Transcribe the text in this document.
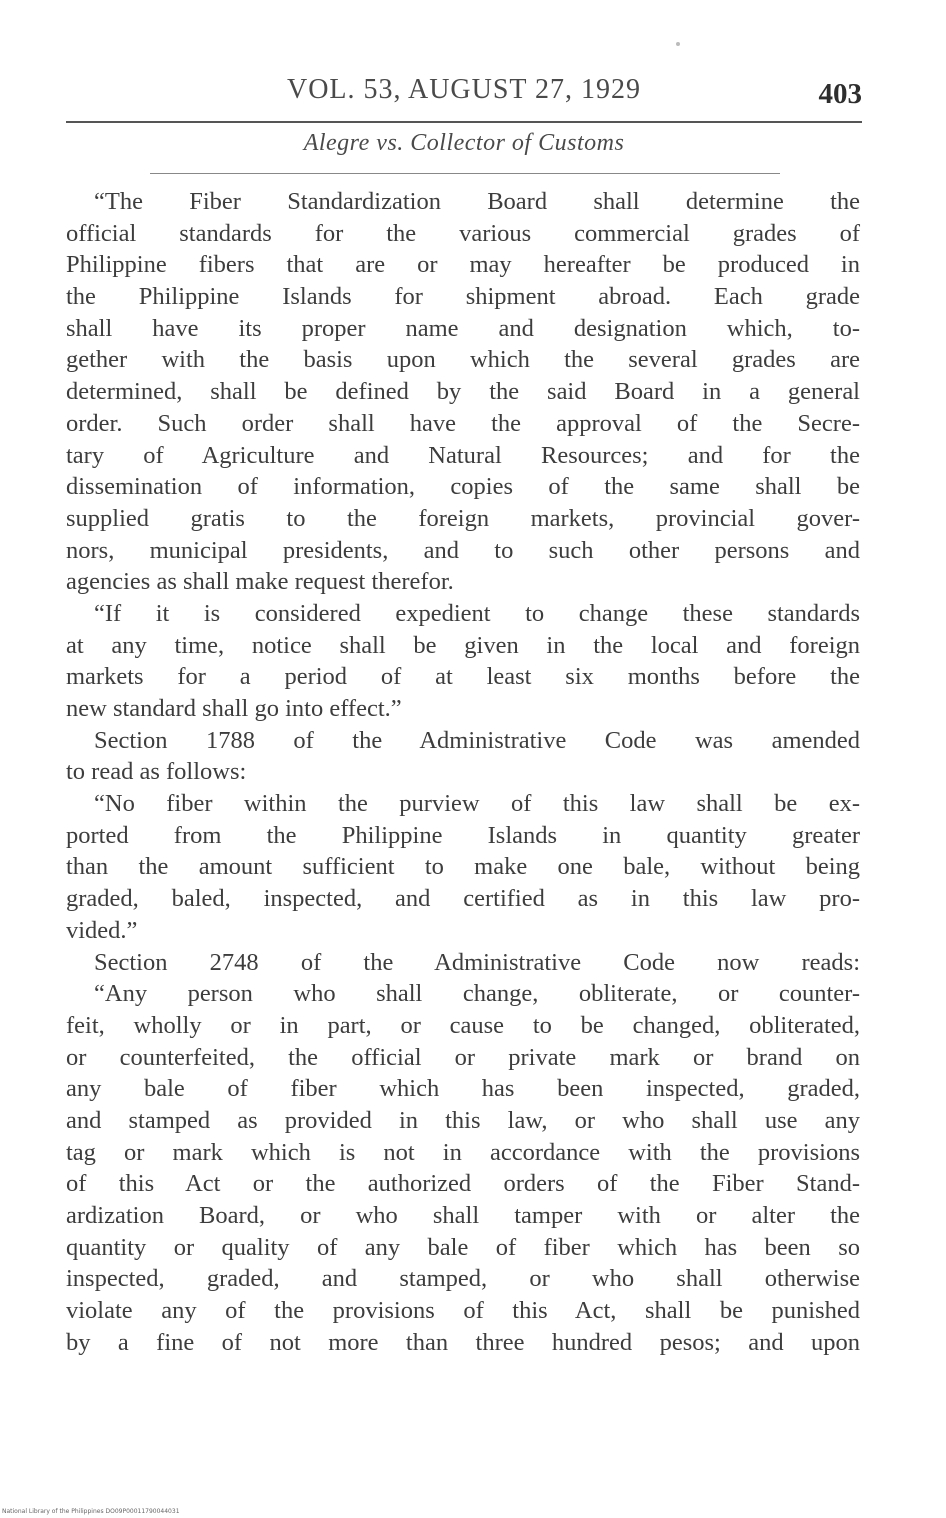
VOL. 53, AUGUST 27, 1929	403
Alegre vs. Collector of Customs
“The Fiber Standardization Board shall determine the
official standards for the various commercial grades of
Philippine fibers that are or may hereafter be produced in
the Philippine Islands for shipment abroad. Each grade
shall have its proper name and designation which, to-
gether with the basis upon which the several grades are
determined, shall be defined by the said Board in a general
order. Such order shall have the approval of the Secre-
tary of Agriculture and Natural Resources; and for the
dissemination of information, copies of the same shall be
supplied gratis to the foreign markets, provincial gover-
nors, municipal presidents, and to such other persons and
agencies as shall make request therefor.
“If it is considered expedient to change these standards
at any time, notice shall be given in the local and foreign
markets for a period of at least six months before the
new standard shall go into effect.”
Section 1788 of the Administrative Code was amended
to read as follows:
“No fiber within the purview of this law shall be ex-
ported from the Philippine Islands in quantity greater
than the amount sufficient to make one bale, without being
graded, baled, inspected, and certified as in this law pro-
vided.”
Section 2748 of the Administrative Code now reads:
“Any person who shall change, obliterate, or counter-
feit, wholly or in part, or cause to be changed, obliterated,
or counterfeited, the official or private mark or brand on
any bale of fiber which has been inspected, graded,
and stamped as provided in this law, or who shall use any
tag or mark which is not in accordance with the provisions
of this Act or the authorized orders of the Fiber Stand-
ardization Board, or who shall tamper with or alter the
quantity or quality of any bale of fiber which has been so
inspected, graded, and stamped, or who shall otherwise
violate any of the provisions of this Act, shall be punished
by a fine of not more than three hundred pesos; and upon
National Library of the Philippines DO09P00011790044031
